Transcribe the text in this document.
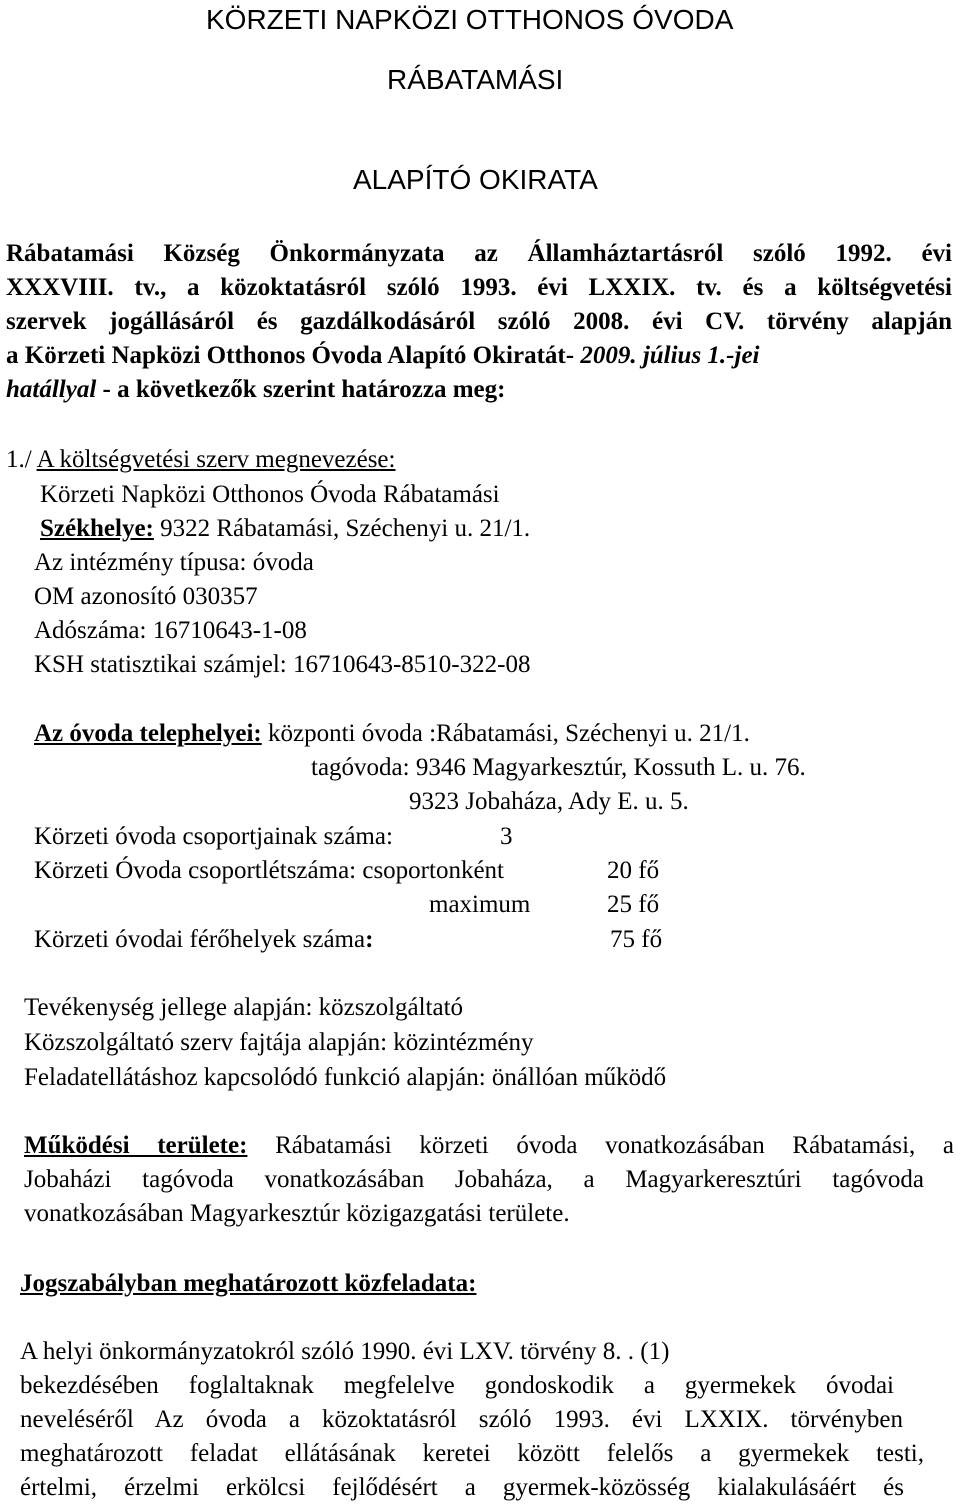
KÖRZETI NAPKÖZI OTTHONOS ÓVODA
RÁBATAMÁSI
ALAPÍTÓ OKIRATA
Rábatamási Község Önkormányzata az Államháztartásról szóló 1992. évi
XXXVIII. tv., a közoktatásról szóló 1993. évi LXXIX. tv. és a költségvetési
szervek jogállásáról és gazdálkodásáról szóló 2008. évi CV. törvény alapján
a Körzeti Napközi Otthonos Óvoda Alapító Okiratát- 2009. július 1.-jei
hatállyal - a következők szerint határozza meg:
1./ A költségvetési szerv megnevezése:
Körzeti Napközi Otthonos Óvoda Rábatamási
Székhelye: 9322 Rábatamási, Széchenyi u. 21/1.
Az intézmény típusa: óvoda
OM azonosító 030357
Adószáma: 16710643-1-08
KSH statisztikai számjel: 16710643-8510-322-08
Az óvoda telephelyei: központi óvoda :Rábatamási, Széchenyi u. 21/1.
tagóvoda: 9346 Magyarkesztúr, Kossuth L. u. 76.
9323 Jobaháza, Ady E. u. 5.
Körzeti óvoda csoportjainak száma:	3
Körzeti Óvoda csoportlétszáma: csoportonként	20 fő
maximum	25 fő
Körzeti óvodai férőhelyek száma:	75 fő
Tevékenység jellege alapján: közszolgáltató
Közszolgáltató szerv fajtája alapján: közintézmény
Feladatellátáshoz kapcsolódó funkció alapján: önállóan működő
Működési területe: Rábatamási körzeti óvoda vonatkozásában Rábatamási, a
Jobaházi tagóvoda vonatkozásában Jobaháza, a Magyarkeresztúri tagóvoda
vonatkozásában Magyarkesztúr közigazgatási területe.
Jogszabályban meghatározott közfeladata:
A helyi önkormányzatokról szóló 1990. évi LXV. törvény 8. . (1)
bekezdésében foglaltaknak megfelelve gondoskodik a gyermekek óvodai
neveléséről Az óvoda a közoktatásról szóló 1993. évi LXXIX. törvényben
meghatározott feladat ellátásának keretei között felelős a gyermekek testi,
értelmi, érzelmi erkölcsi fejlődésért a gyermek-közösség kialakulásáért és
